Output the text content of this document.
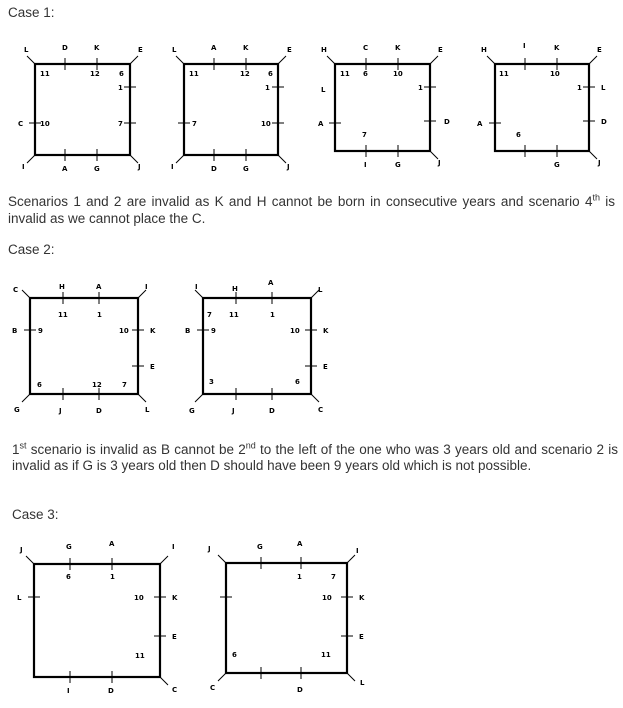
Case 1:
L	E
I	J
D	K
A	G
C
11	12	6
1
10	7
L	E
I	J
A	K
D	G
11	12	6
1
7	10
H	E
J
C	K
I	G
L
A	D
11 6	10
1
7
H	E
J
I	K
G
A
L
D
11	10
1
6
C	I
G	L
H	A
J	D
B	K
E
11	1
9	10
6	12	7
I	L
G	C
H
A
J	D
B	K
E
7 11	1
9	10
3	6
J	I
C
G	A
I	D
L	K
E
6	1
10
11
J	I
C
L
G	A
D
K
E
1	7
10
6	11
Scenarios 1 and 2 are invalid as K and H cannot be born in consecutive years and scenario 4th is invalid as we cannot place the C.
Case 2:
1st scenario is invalid as B cannot be 2nd to the left of the one who was 3 years old and scenario 2 is invalid as if G is 3 years old then D should have been 9 years old which is not possible.
Case 3:
